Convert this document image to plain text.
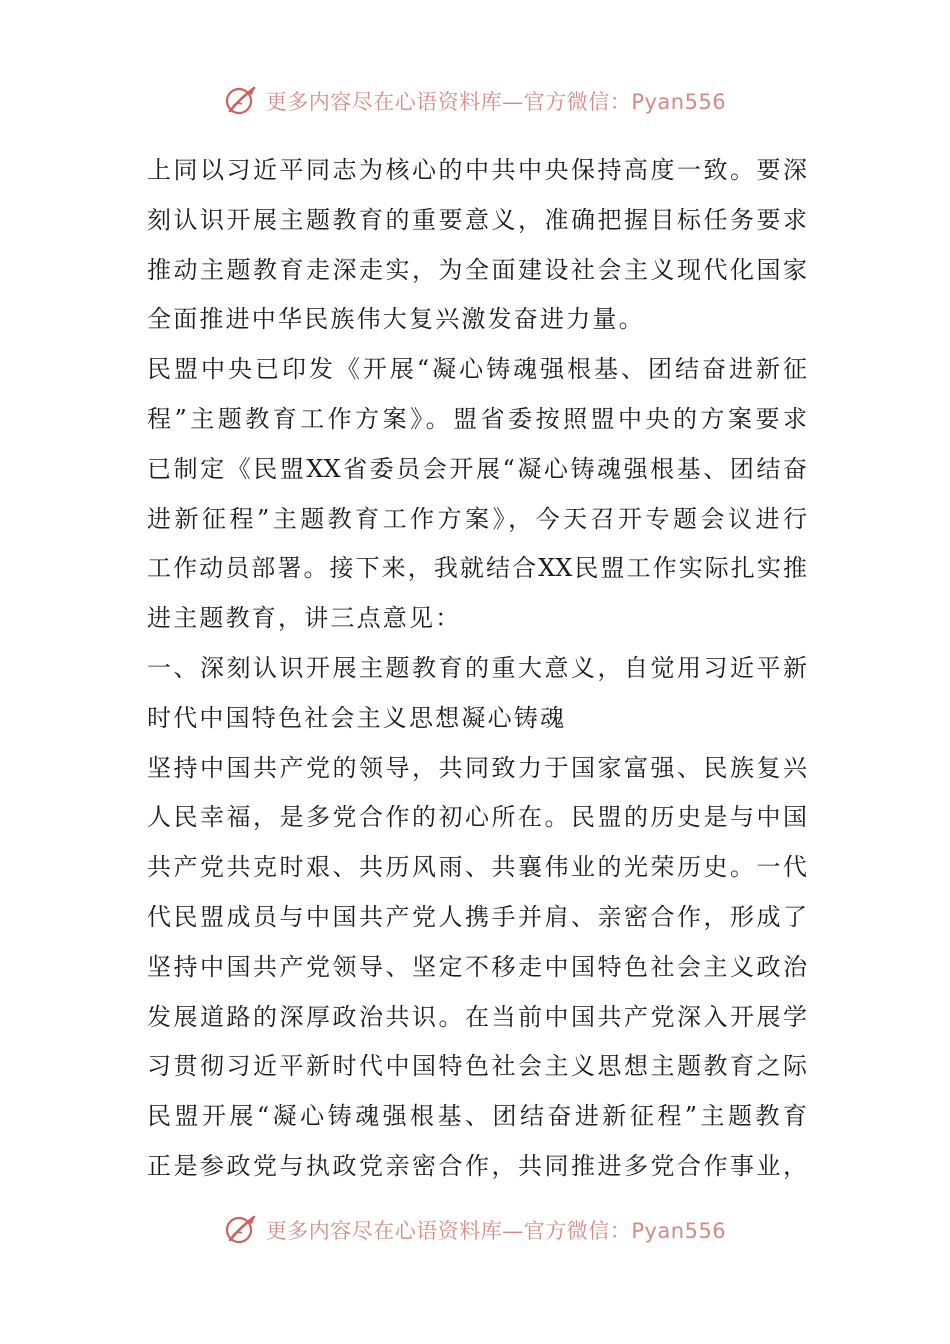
更多内容尽在心语资料库—官方微信：Pyan556
上同以习近平同志为核心的中共中央保持高度一致。要深
刻认识开展主题教育的重要意义，准确把握目标任务要求
推动主题教育走深走实，为全面建设社会主义现代化国家
全面推进中华民族伟大复兴激发奋进力量。
民盟中央已印发《开展“凝心铸魂强根基、团结奋进新征
程”主题教育工作方案》。盟省委按照盟中央的方案要求
已制定《民盟XX省委员会开展“凝心铸魂强根基、团结奋
进新征程”主题教育工作方案》，今天召开专题会议进行
工作动员部署。接下来，我就结合XX民盟工作实际扎实推
进主题教育，讲三点意见：
一、深刻认识开展主题教育的重大意义，自觉用习近平新
时代中国特色社会主义思想凝心铸魂
坚持中国共产党的领导，共同致力于国家富强、民族复兴
人民幸福，是多党合作的初心所在。民盟的历史是与中国
共产党共克时艰、共历风雨、共襄伟业的光荣历史。一代
代民盟成员与中国共产党人携手并肩、亲密合作，形成了
坚持中国共产党领导、坚定不移走中国特色社会主义政治
发展道路的深厚政治共识。在当前中国共产党深入开展学
习贯彻习近平新时代中国特色社会主义思想主题教育之际
民盟开展“凝心铸魂强根基、团结奋进新征程”主题教育
正是参政党与执政党亲密合作，共同推进多党合作事业，
更多内容尽在心语资料库—官方微信：Pyan556
